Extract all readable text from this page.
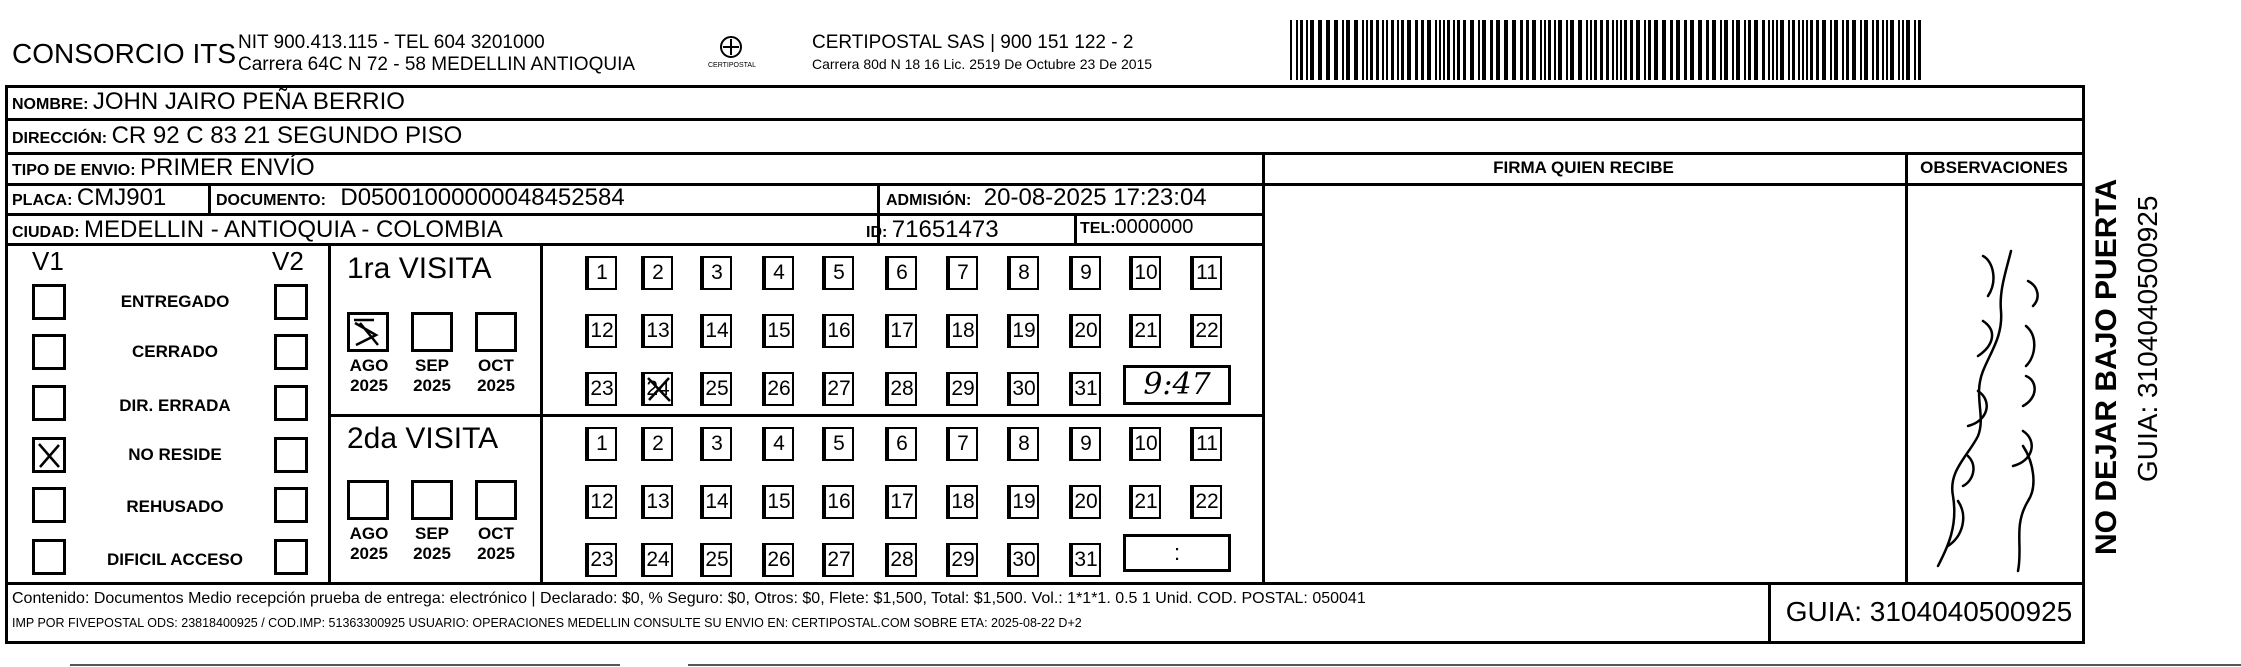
CONSORCIO ITS NIT 900.413.115 - TEL 604 3201000
Carrera 64C N 72 - 58 MEDELLIN ANTIOQUIA	CERTIPOSTAL
CERTIPOSTAL SAS | 900 151 122 - 2
Carrera 80d N 18 16 Lic. 2519 De Octubre 23 De 2015
NOMBRE: JOHN JAIRO PEÑA BERRIO
DIRECCIÓN: CR 92 C 83 21 SEGUNDO PISO
TIPO DE ENVIO: PRIMER ENVÍO
PLACA: CMJ901	DOCUMENTO: D05001000000048452584	ADMISIÓN: 20-08-2025 17:23:04
CIUDAD: MEDELLIN - ANTIOQUIA - COLOMBIA	ID: 71651473	TEL:0000000
FIRMA QUIEN RECIBE	OBSERVACIONES
V1	V2
ENTREGADO
CERRADO
DIR. ERRADA
NO RESIDE
REHUSADO
DIFICIL ACCESO
1ra VISITA
AGO
2025
SEP
2025
OCT
2025
2da VISITA
AGO
2025
SEP
2025
OCT
2025
1	2	3	4	5	6	7	8	9	10 11
12 13 14 15 16 17 18 19 20 21 22
23 24 25 26 27 28 29 30 31
1	2	3	4	5	6	7	8	9	10 11
12 13 14 15 16 17 18 19 20 21 22
23 24 25 26 27 28 29 30 31
9:47
:
Contenido: Documentos Medio recepción prueba de entrega: electrónico | Declarado: $0, % Seguro: $0, Otros: $0, Flete: $1,500, Total: $1,500. Vol.: 1*1*1. 0.5 1 Unid. COD. POSTAL: 050041
IMP POR FIVEPOSTAL ODS: 23818400925 / COD.IMP: 51363300925 USUARIO: OPERACIONES MEDELLIN CONSULTE SU ENVIO EN: CERTIPOSTAL.COM SOBRE ETA: 2025-08-22 D+2	GUIA: 3104040500925
NO DEJAR BAJO PUERTA GUIA: 3104040500925
